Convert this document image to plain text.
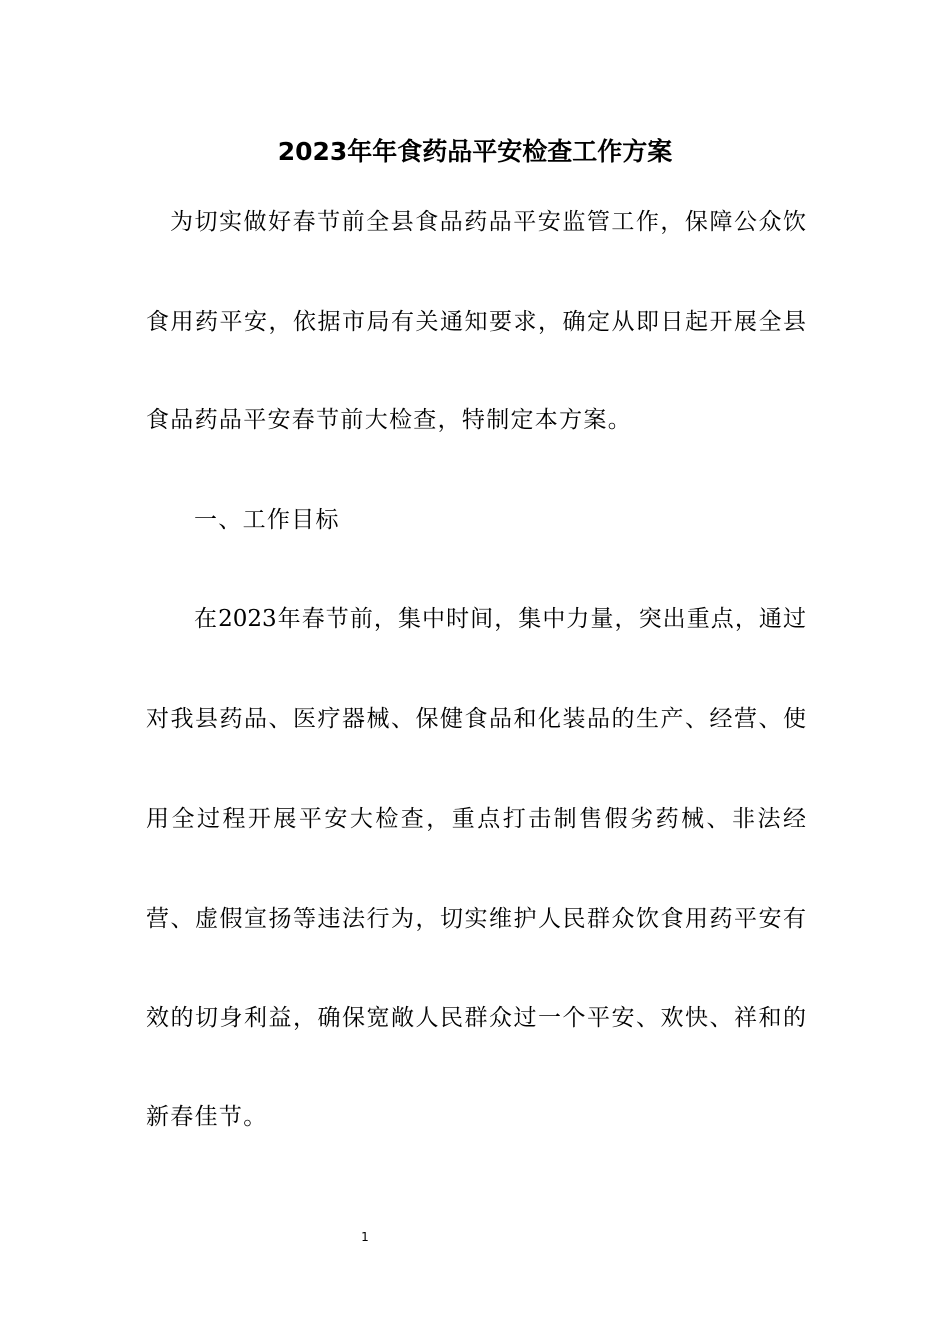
2023年年食药品平安检查工作方案
为切实做好春节前全县食品药品平安监管工作，保障公众饮
食用药平安，依据市局有关通知要求，确定从即日起开展全县
食品药品平安春节前大检查，特制定本方案。
一、工作目标
在2023年春节前，集中时间，集中力量，突出重点，通过
对我县药品、医疗器械、保健食品和化装品的生产、经营、使
用全过程开展平安大检查，重点打击制售假劣药械、非法经
营、虚假宣扬等违法行为，切实维护人民群众饮食用药平安有
效的切身利益，确保宽敞人民群众过一个平安、欢快、祥和的
新春佳节。
1
